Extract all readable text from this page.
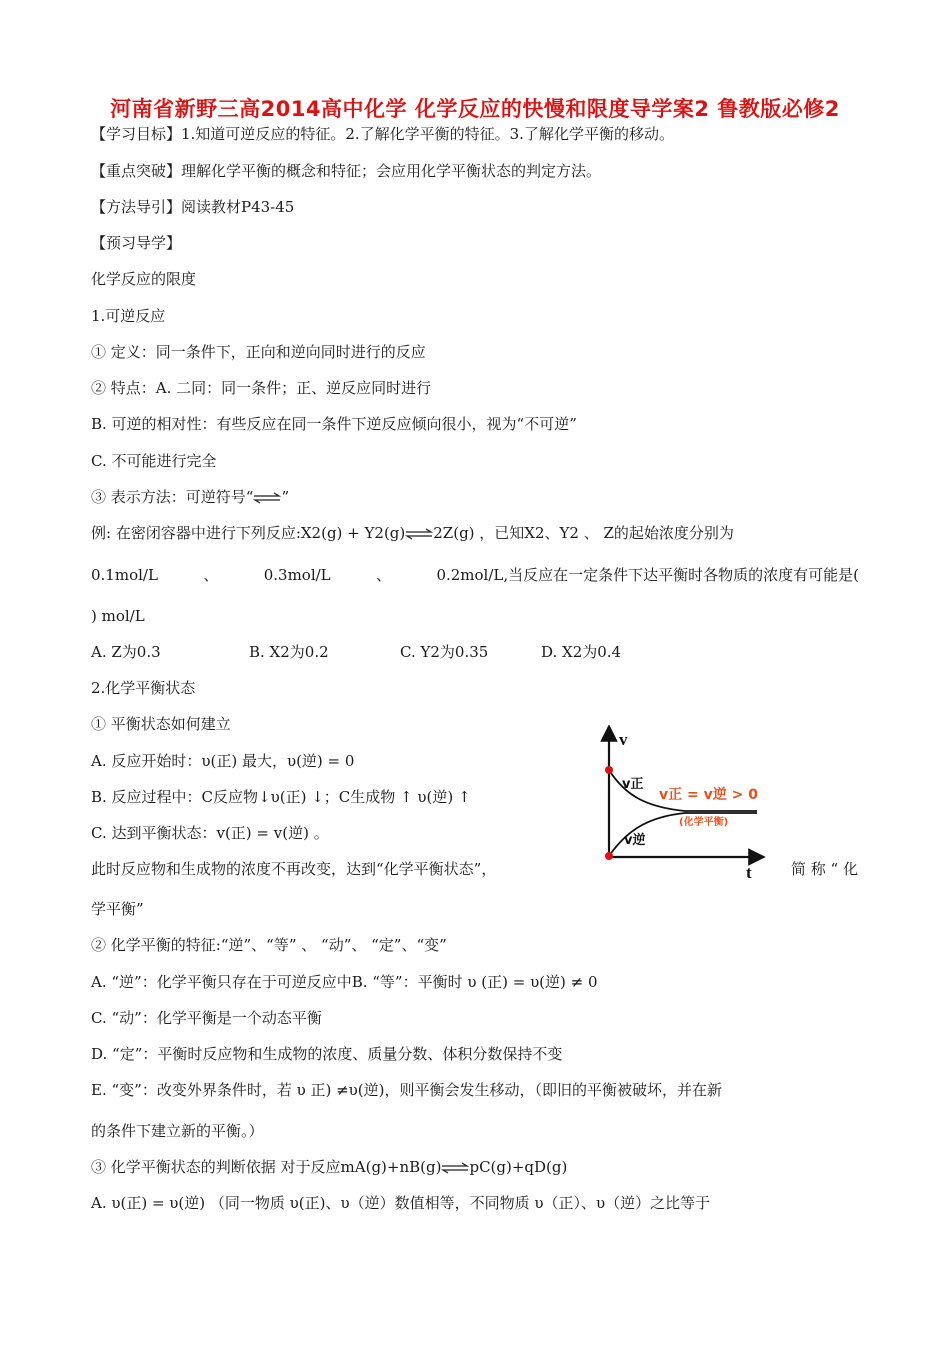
河南省新野三高2014高中化学 化学反应的快慢和限度导学案2 鲁教版必修2
【学习目标】1.知道可逆反应的特征。2.了解化学平衡的特征。3.了解化学平衡的移动。
【重点突破】理解化学平衡的概念和特征；会应用化学平衡状态的判定方法。
【方法导引】阅读教材P43-45
【预习导学】
化学反应的限度
1.可逆反应
① 定义：同一条件下，正向和逆向同时进行的反应
② 特点：A. 二同：同一条件；正、逆反应同时进行
B. 可逆的相对性：有些反应在同一条件下逆反应倾向很小，视为“不可逆”
C. 不可能进行完全
③ 表示方法：可逆符号“⇌”
例: 在密闭容器中进行下列反应:X2(g) + Y2(g)⇌2Z(g) ，已知X2、Y2 、 Z的起始浓度分别为
0.1mol/L	、	0.3mol/L	、	0.2mol/L,当反应在一定条件下达平衡时各物质的浓度有可能是(
) mol/L
A. Z为0.3	B. X2为0.2	C. Y2为0.35	D. X2为0.4
2.化学平衡状态
① 平衡状态如何建立
A. 反应开始时：υ(正) 最大，υ(逆) = 0
B. 反应过程中：C反应物↓υ(正) ↓；C生成物 ↑ υ(逆) ↑
C. 达到平衡状态：v(正) = v(逆) 。
此时反应物和生成物的浓度不再改变，达到“化学平衡状态”，	简 称 “ 化
学平衡”
② 化学平衡的特征:“逆”、“等” 、 “动”、 “定”、“变”
A. “逆”：化学平衡只存在于可逆反应中B. “等”：平衡时 υ (正) = υ(逆) ≠ 0
C. “动”：化学平衡是一个动态平衡
D. “定”：平衡时反应物和生成物的浓度、质量分数、体积分数保持不变
E. “变”：改变外界条件时，若 υ 正) ≠υ(逆)，则平衡会发生移动，（即旧的平衡被破坏，并在新
的条件下建立新的平衡。）
③ 化学平衡状态的判断依据 对于反应mA(g)+nB(g)⇌pC(g)+qD(g)
A. υ(正) = υ(逆) （同一物质 υ(正)、υ（逆）数值相等，不同物质 υ（正）、υ（逆）之比等于
v
t
v正
v逆
v正 = v逆 > 0
(化学平衡)
